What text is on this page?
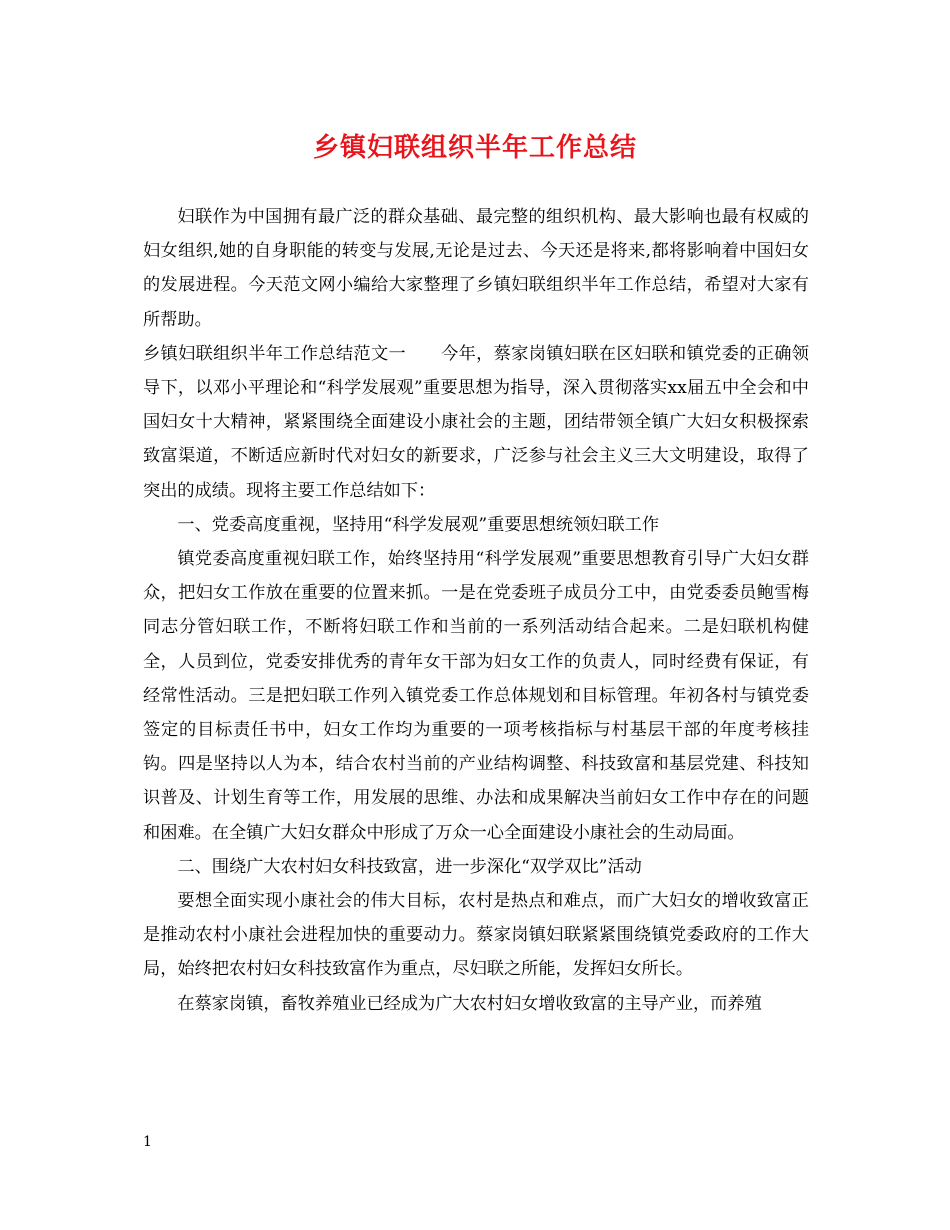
乡镇妇联组织半年工作总结

妇联作为中国拥有最广泛的群众基础、最完整的组织机构、最大影响也最有权威的妇女组织,她的自身职能的转变与发展,无论是过去、今天还是将来,都将影响着中国妇女的发展进程。今天范文网小编给大家整理了乡镇妇联组织半年工作总结，希望对大家有所帮助。

乡镇妇联组织半年工作总结范文一　　今年，蔡家岗镇妇联在区妇联和镇党委的正确领导下，以邓小平理论和“科学发展观”重要思想为指导，深入贯彻落实xx届五中全会和中国妇女十大精神，紧紧围绕全面建设小康社会的主题，团结带领全镇广大妇女积极探索致富渠道，不断适应新时代对妇女的新要求，广泛参与社会主义三大文明建设，取得了突出的成绩。现将主要工作总结如下：

一、党委高度重视，坚持用“科学发展观”重要思想统领妇联工作

镇党委高度重视妇联工作，始终坚持用“科学发展观”重要思想教育引导广大妇女群众，把妇女工作放在重要的位置来抓。一是在党委班子成员分工中，由党委委员鲍雪梅同志分管妇联工作，不断将妇联工作和当前的一系列活动结合起来。二是妇联机构健全，人员到位，党委安排优秀的青年女干部为妇女工作的负责人，同时经费有保证，有经常性活动。三是把妇联工作列入镇党委工作总体规划和目标管理。年初各村与镇党委签定的目标责任书中，妇女工作均为重要的一项考核指标与村基层干部的年度考核挂钩。四是坚持以人为本，结合农村当前的产业结构调整、科技致富和基层党建、科技知识普及、计划生育等工作，用发展的思维、办法和成果解决当前妇女工作中存在的问题和困难。在全镇广大妇女群众中形成了万众一心全面建设小康社会的生动局面。

二、围绕广大农村妇女科技致富，进一步深化“双学双比”活动

要想全面实现小康社会的伟大目标，农村是热点和难点，而广大妇女的增收致富正是推动农村小康社会进程加快的重要动力。蔡家岗镇妇联紧紧围绕镇党委政府的工作大局，始终把农村妇女科技致富作为重点，尽妇联之所能，发挥妇女所长。

在蔡家岗镇，畜牧养殖业已经成为广大农村妇女增收致富的主导产业，而养殖

1
